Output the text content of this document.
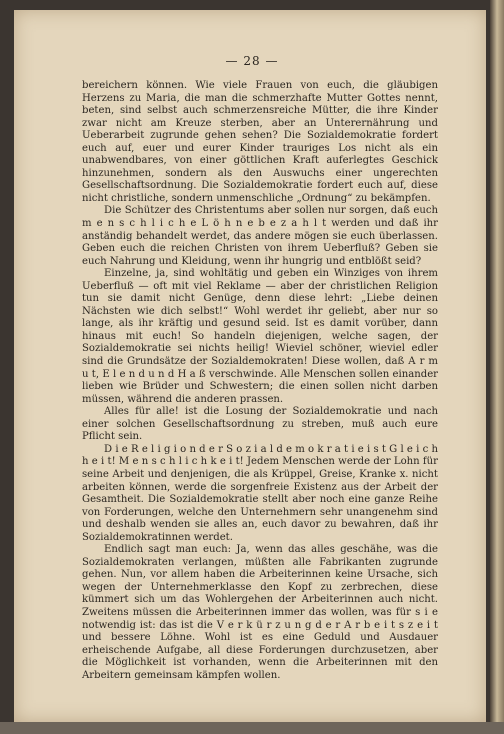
— 28 —

bereichern können. Wie viele Frauen von euch, die gläubigen Herzens zu Maria, die man die schmerzhafte Mutter Gottes nennt, beten, sind selbst auch schmerzensreiche Mütter, die ihre Kinder zwar nicht am Kreuze sterben, aber an Unterernährung und Ueberarbeit zugrunde gehen sehen? Die Sozialdemokratie fordert euch auf, euer und eurer Kinder trauriges Los nicht als ein unabwendbares, von einer göttlichen Kraft auferlegtes Geschick hinzunehmen, sondern als den Auswuchs einer ungerechten Gesellschaftsordnung. Die Sozialdemokratie fordert euch auf, diese nicht christliche, sondern unmenschliche „Ordnung“ zu bekämpfen.

Die Schützer des Christentums aber sollen nur sorgen, daß euch m e n s c h l i c h e L ö h n e b e z a h l t werden und daß ihr anständig behandelt werdet, das andere mögen sie euch überlassen. Geben euch die reichen Christen von ihrem Ueberfluß? Geben sie euch Nahrung und Kleidung, wenn ihr hungrig und entblößt seid?

Einzelne, ja, sind wohltätig und geben ein Winziges von ihrem Ueberfluß — oft mit viel Reklame — aber der christlichen Religion tun sie damit nicht Genüge, denn diese lehrt: „Liebe deinen Nächsten wie dich selbst!“ Wohl werdet ihr geliebt, aber nur so lange, als ihr kräftig und gesund seid. Ist es damit vorüber, dann hinaus mit euch! So handeln diejenigen, welche sagen, der Sozialdemokratie sei nichts heilig! Wieviel schöner, wieviel edler sind die Grundsätze der Sozialdemokraten! Diese wollen, daß A r m u t, E l e n d u n d H a ß verschwinde. Alle Menschen sollen einander lieben wie Brüder und Schwestern; die einen sollen nicht darben müssen, während die anderen prassen.

Alles für alle! ist die Losung der Sozialdemokratie und nach einer solchen Gesellschaftsordnung zu streben, muß auch eure Pflicht sein.

D i e R e l i g i o n d e r S o z i a l d e m o k r a t i e i s t G l e i c h h e i t! M e n s c h l i c h k e i t! Jedem Menschen werde der Lohn für seine Arbeit und denjenigen, die als Krüppel, Greise, Kranke x. nicht arbeiten können, werde die sorgenfreie Existenz aus der Arbeit der Gesamtheit. Die Sozialdemokratie stellt aber noch eine ganze Reihe von Forderungen, welche den Unternehmern sehr unangenehm sind und deshalb wenden sie alles an, euch davor zu bewahren, daß ihr Sozialdemokratinnen werdet.

Endlich sagt man euch: Ja, wenn das alles geschähe, was die Sozialdemokraten verlangen, müßten alle Fabrikanten zugrunde gehen. Nun, vor allem haben die Arbeiterinnen keine Ursache, sich wegen der Unternehmerklasse den Kopf zu zerbrechen, diese kümmert sich um das Wohlergehen der Arbeiterinnen auch nicht. Zweitens müssen die Arbeiterinnen immer das wollen, was für s i e notwendig ist: das ist die V e r k ü r z u n g d e r A r b e i t s z e i t und bessere Löhne. Wohl ist es eine Geduld und Ausdauer erheischende Aufgabe, all diese Forderungen durchzusetzen, aber die Möglichkeit ist vorhanden, wenn die Arbeiterinnen mit den Arbeitern gemeinsam kämpfen wollen.
